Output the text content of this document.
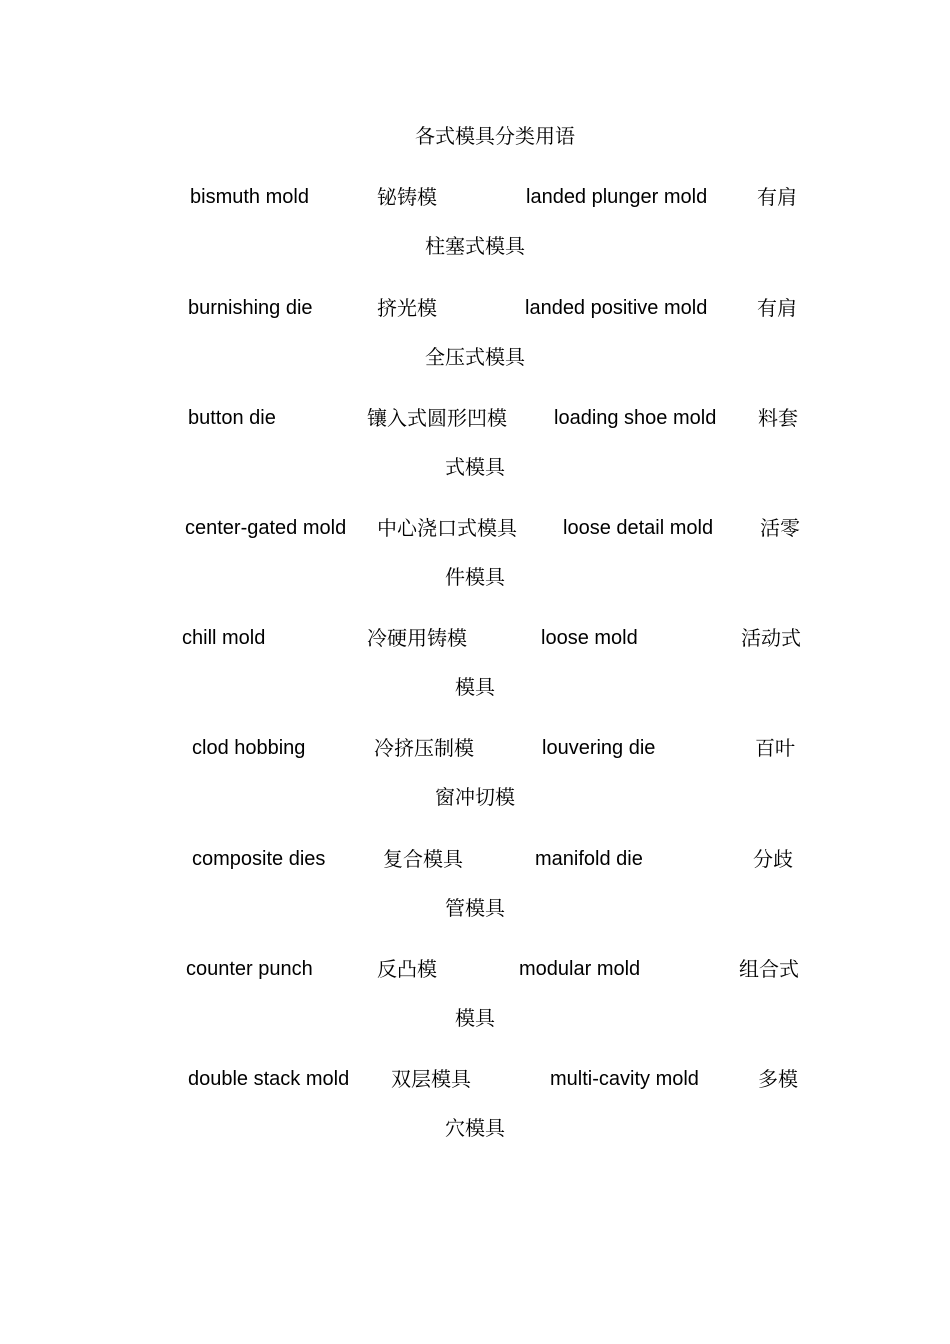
各式模具分类用语
bismuth mold	铋铸模	landed plunger mold 有肩
柱塞式模具
burnishing die	挤光模	landed positive mold 有肩
全压式模具
button die	镶入式圆形凹模 loading shoe mold 料套
式模具
center-gated mold 中心浇口式模具 loose detail mold 活零
件模具
chill mold	冷硬用铸模	loose mold	活动式
模具
clod hobbing	冷挤压制模	louvering die	百叶
窗冲切模
composite dies	复合模具	manifold die	分歧
管模具
counter punch	反凸模	modular mold	组合式
模具
double stack mold 双层模具	multi-cavity mold	多模
穴模具
